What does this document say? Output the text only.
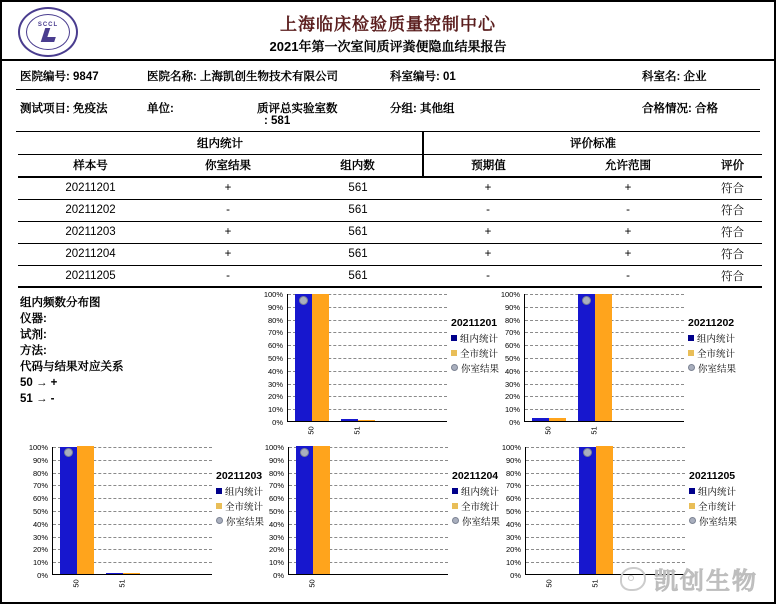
SCCL	上海临床检验质量控制中心
2021年第一次室间质评粪便隐血结果报告
医院编号: 9847	医院名称: 上海凯创生物技术有限公司	科室编号: 01	科室名: 企业
测试项目: 免疫法	单位:	质评总实验室数
: 581
分组: 其他组	合格情况: 合格
组内统计			评价标准		
样本号	你室结果	组内数	预期值	允许范围	评价
20211201	+	561	+	+	符合
20211202	-	561	-	-	符合
20211203	+	561	+	+	符合
20211204	+	561	+	+	符合
20211205	-	561	-	-	符合
组内频数分布图
仪器:
试剂:
方法:
代码与结果对应关系
50 → +
51 → -
0%
10%
20%
30%
40%
50%
60%
70%
80%
90%
100%
50	51
20211201
组内统计
全市统计
你室结果
0%
10%
20%
30%
40%
50%
60%
70%
80%
90%
100%
50	51
20211202
组内统计
全市统计
你室结果
0%
10%
20%
30%
40%
50%
60%
70%
80%
90%
100%
50	51
20211203
组内统计
全市统计
你室结果
0%
10%
20%
30%
40%
50%
60%
70%
80%
90%
100%
50
20211204
组内统计
全市统计
你室结果
0%
10%
20%
30%
40%
50%
60%
70%
80%
90%
100%
50	51
20211205
组内统计
全市统计
你室结果
凯创生物
